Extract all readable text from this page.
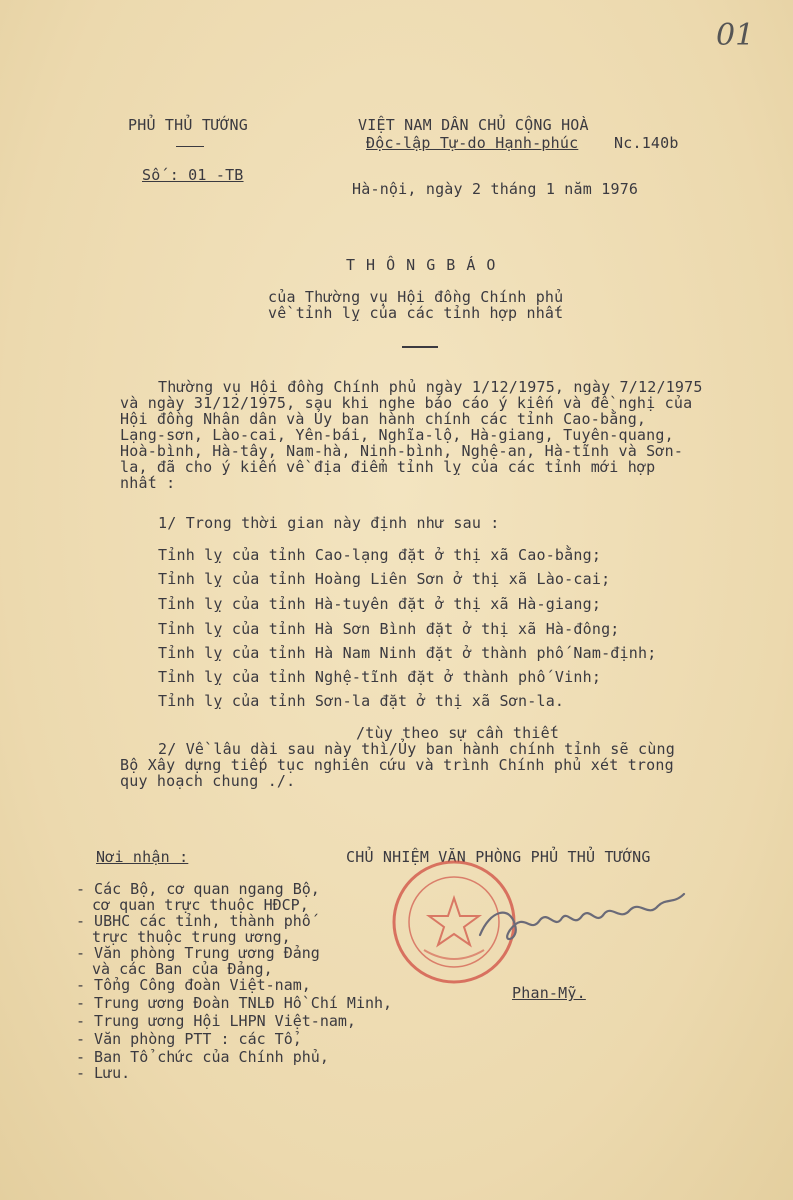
01
PHỦ THỦ TƯỚNG	VIỆT NAM DÂN CHỦ CỘNG HOÀ
Độc-lập Tự-do Hạnh-phúc Nc.140b
Số : 01 -TB
Hà-nội, ngày 2 tháng 1 năm 1976
T H Ô N G B Á O
của Thường vụ Hội đồng Chính phủ
về tỉnh lỵ của các tỉnh hợp nhất
Thường vụ Hội đồng Chính phủ ngày 1/12/1975, ngày 7/12/1975
và ngày 31/12/1975, sau khi nghe báo cáo ý kiến và đề nghị của
Hội đồng Nhân dân và Ủy ban hành chính các tỉnh Cao-bằng,
Lạng-sơn, Lào-cai, Yên-bái, Nghĩa-lộ, Hà-giang, Tuyên-quang,
Hoà-bình, Hà-tây, Nam-hà, Ninh-bình, Nghệ-an, Hà-tĩnh và Sơn-
la, đã cho ý kiến về địa điểm tỉnh lỵ của các tỉnh mới hợp
nhất :
1/ Trong thời gian này định như sau :
Tỉnh lỵ của tỉnh Cao-lạng đặt ở thị xã Cao-bằng;
Tỉnh lỵ của tỉnh Hoàng Liên Sơn ở thị xã Lào-cai;
Tỉnh lỵ của tỉnh Hà-tuyên đặt ở thị xã Hà-giang;
Tỉnh lỵ của tỉnh Hà Sơn Bình đặt ở thị xã Hà-đông;
Tỉnh lỵ của tỉnh Hà Nam Ninh đặt ở thành phố Nam-định;
Tỉnh lỵ của tỉnh Nghệ-tĩnh đặt ở thành phố Vinh;
Tỉnh lỵ của tỉnh Sơn-la đặt ở thị xã Sơn-la.
/tùy theo sự cần thiết
2/ Về lâu dài sau này thì/Ủy ban hành chính tỉnh sẽ cùng
Bộ Xây dựng tiếp tục nghiên cứu và trình Chính phủ xét trong
quy hoạch chung ./.
Nơi nhận :
- Các Bộ, cơ quan ngang Bộ,
cơ quan trực thuộc HĐCP,
- UBHC các tỉnh, thành phố
trực thuộc trung ương,
- Văn phòng Trung ương Đảng
và các Ban của Đảng,
- Tổng Công đoàn Việt-nam,
- Trung ương Đoàn TNLĐ Hồ Chí Minh,
- Trung ương Hội LHPN Việt-nam,
- Văn phòng PTT : các Tổ,
- Ban Tổ chức của Chính phủ,
- Lưu.
CHỦ NHIỆM VĂN PHÒNG PHỦ THỦ TƯỚNG
Phan-Mỹ.
